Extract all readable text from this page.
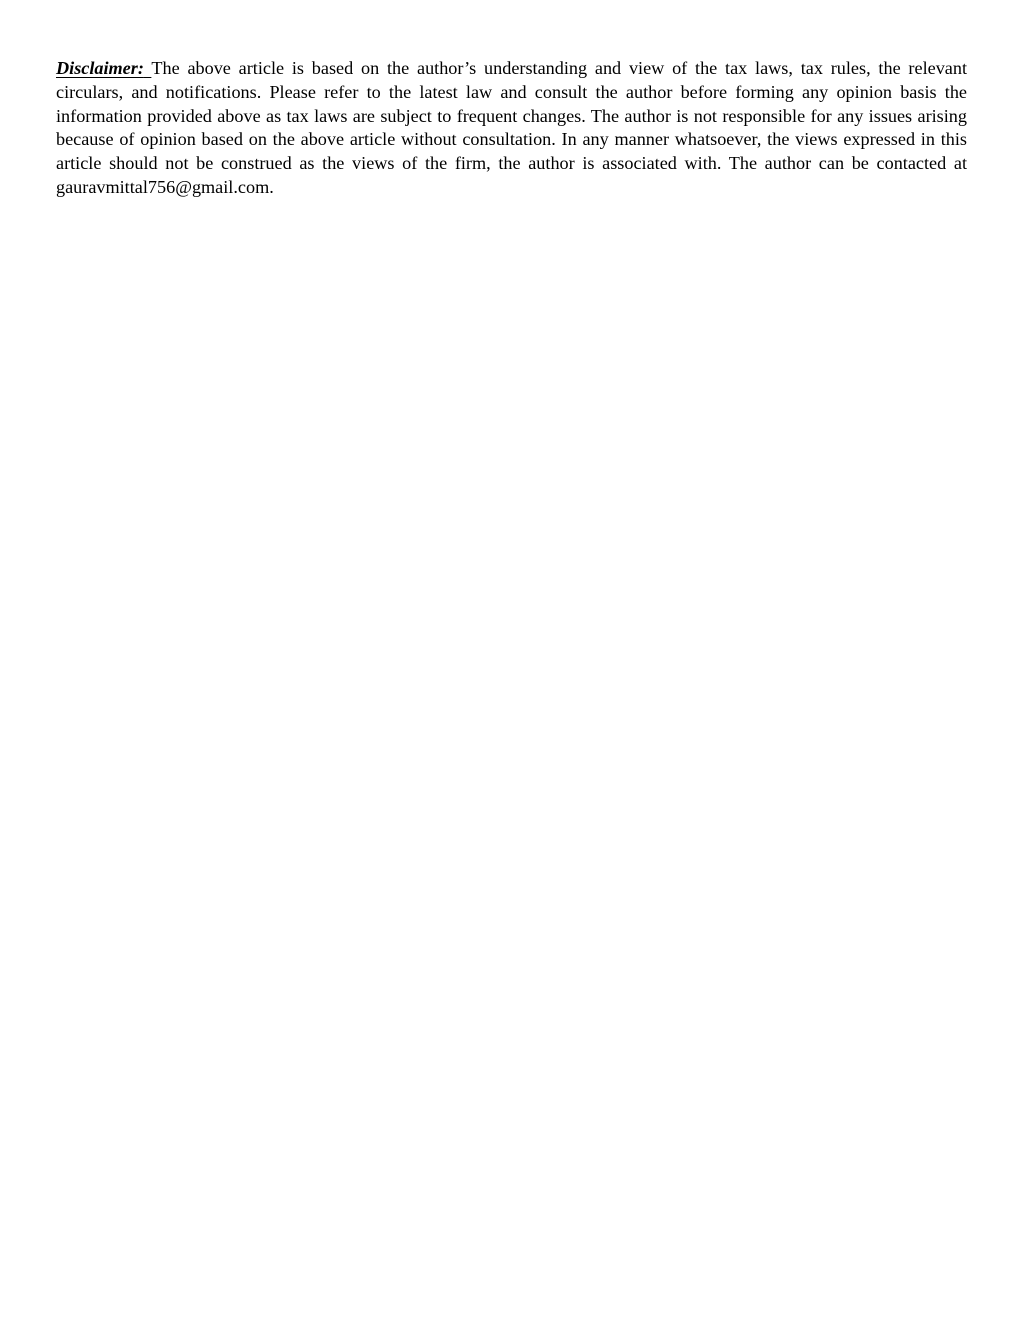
Disclaimer: The above article is based on the author’s understanding and view of the tax laws, tax rules, the relevant circulars, and notifications. Please refer to the latest law and consult the author before forming any opinion basis the information provided above as tax laws are subject to frequent changes. The author is not responsible for any issues arising because of opinion based on the above article without consultation. In any manner whatsoever, the views expressed in this article should not be construed as the views of the firm, the author is associated with. The author can be contacted at gauravmittal756@gmail.com.
